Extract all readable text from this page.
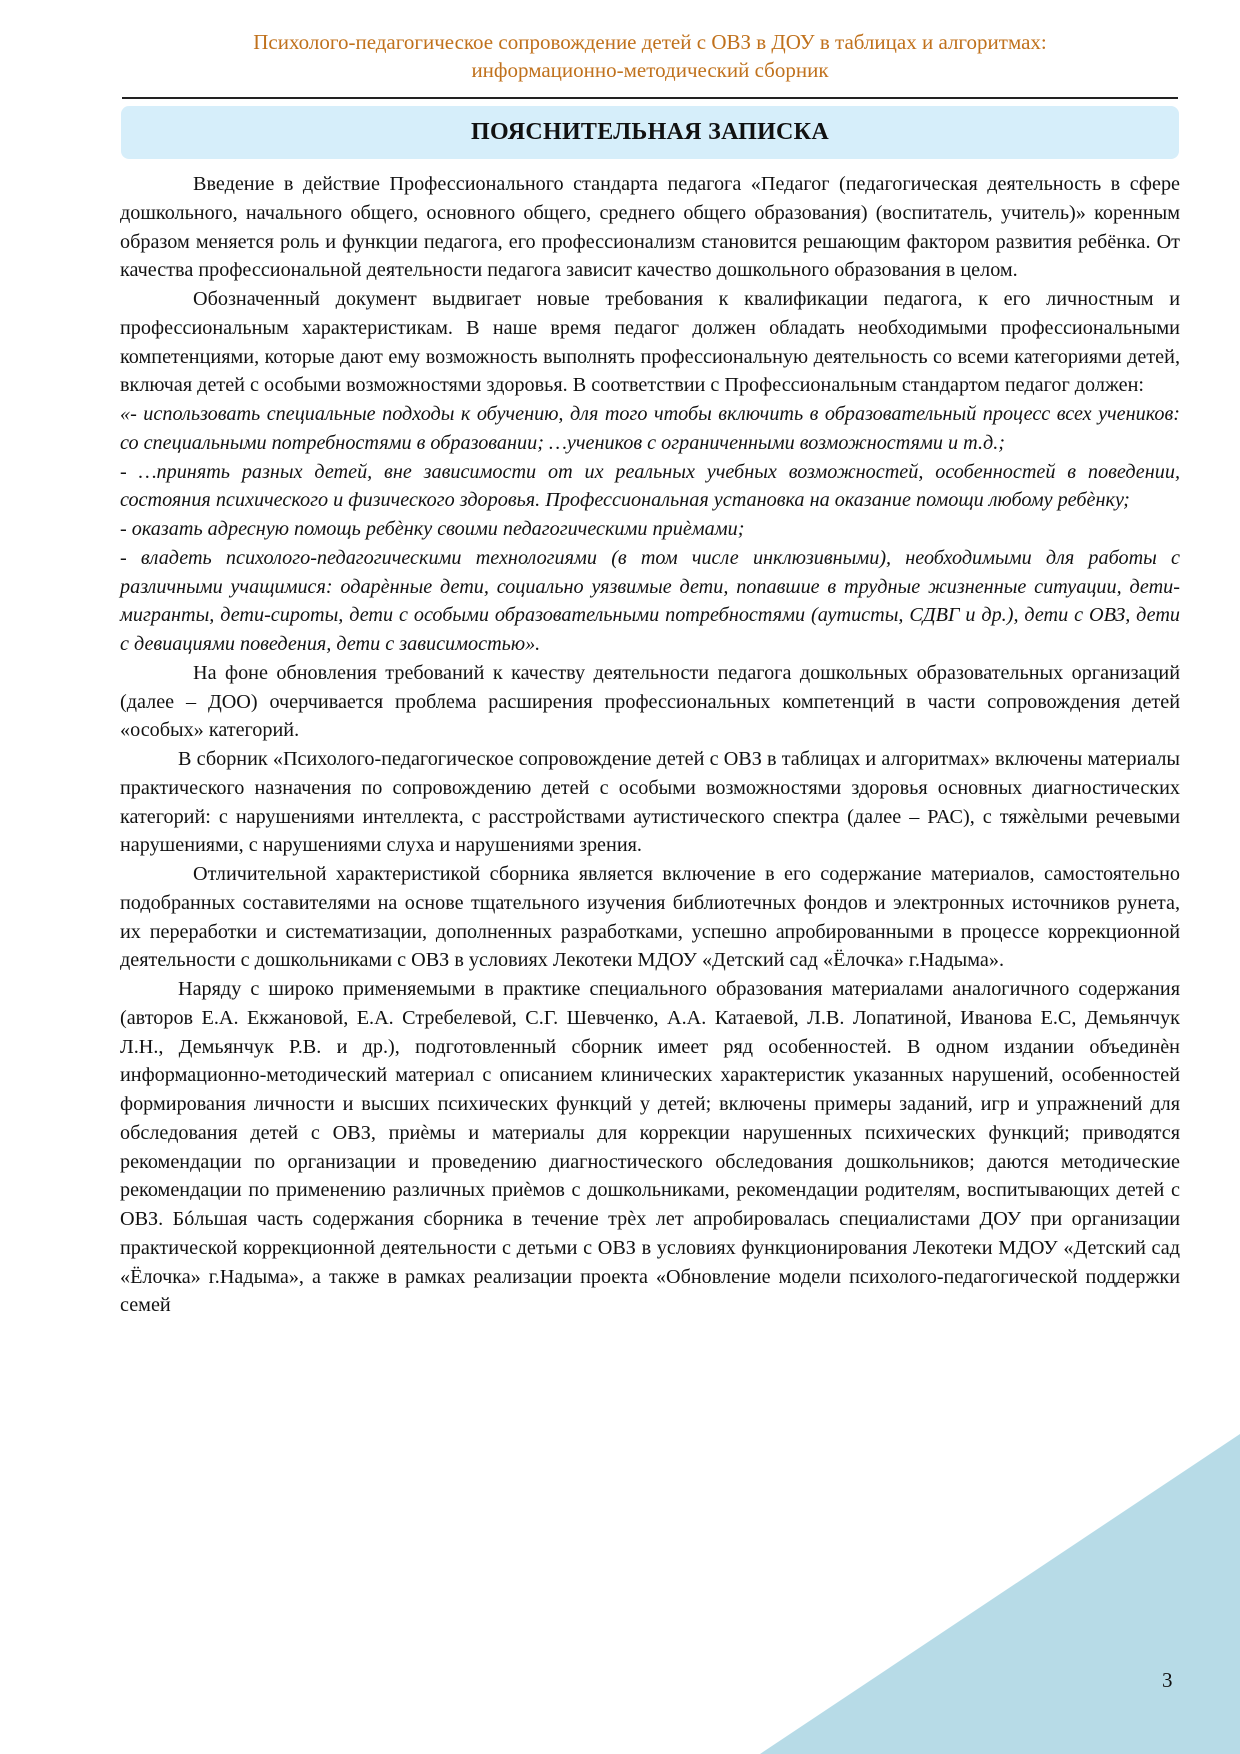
Психолого-педагогическое сопровождение детей с ОВЗ в ДОУ в таблицах и алгоритмах:
информационно-методический сборник
ПОЯСНИТЕЛЬНАЯ ЗАПИСКА

Введение в действие Профессионального стандарта педагога «Педагог (педагогическая деятельность в сфере дошкольного, начального общего, основного общего, среднего общего образования) (воспитатель, учитель)» коренным образом меняется роль и функции педагога, его профессионализм становится решающим фактором развития ребёнка. От качества профессиональной деятельности педагога зависит качество дошкольного образования в целом.

Обозначенный документ выдвигает новые требования к квалификации педагога, к его личностным и профессиональным характеристикам. В наше время педагог должен обладать необходимыми профессиональными компетенциями, которые дают ему возможность выполнять профессиональную деятельность со всеми категориями детей, включая детей с особыми возможностями здоровья. В соответствии с Профессиональным стандартом педагог должен:

«- использовать специальные подходы к обучению, для того чтобы включить в образовательный процесс всех учеников: со специальными потребностями в образовании; …учеников с ограниченными возможностями и т.д.;

- …принять разных детей, вне зависимости от их реальных учебных возможностей, особенностей в поведении, состояния психического и физического здоровья. Профессиональная установка на оказание помощи любому ребѐнку;

- оказать адресную помощь ребѐнку своими педагогическими приѐмами;

- владеть психолого-педагогическими технологиями (в том числе инклюзивными), необходимыми для работы с различными учащимися: одарѐнные дети, социально уязвимые дети, попавшие в трудные жизненные ситуации, дети-мигранты, дети-сироты, дети с особыми образовательными потребностями (аутисты, СДВГ и др.), дети с ОВЗ, дети с девиациями поведения, дети с зависимостью».

На фоне обновления требований к качеству деятельности педагога дошкольных образовательных организаций (далее – ДОО) очерчивается проблема расширения профессиональных компетенций в части сопровождения детей «особых» категорий.

В сборник «Психолого-педагогическое сопровождение детей с ОВЗ в таблицах и алгоритмах» включены материалы практического назначения по сопровождению детей с особыми возможностями здоровья основных диагностических категорий: с нарушениями интеллекта, с расстройствами аутистического спектра (далее – РАС), с тяжѐлыми речевыми нарушениями, с нарушениями слуха и нарушениями зрения.

Отличительной характеристикой сборника является включение в его содержание материалов, самостоятельно подобранных составителями на основе тщательного изучения библиотечных фондов и электронных источников рунета, их переработки и систематизации, дополненных разработками, успешно апробированными в процессе коррекционной деятельности с дошкольниками с ОВЗ в условиях Лекотеки МДОУ «Детский сад «Ёлочка» г.Надыма».

Наряду с широко применяемыми в практике специального образования материалами аналогичного содержания (авторов Е.А. Екжановой, Е.А. Стребелевой, С.Г. Шевченко, А.А. Катаевой, Л.В. Лопатиной, Иванова Е.С, Демьянчук Л.Н., Демьянчук Р.В. и др.), подготовленный сборник имеет ряд особенностей. В одном издании объединѐн информационно-методический материал с описанием клинических характеристик указанных нарушений, особенностей формирования личности и высших психических функций у детей; включены примеры заданий, игр и упражнений для обследования детей с ОВЗ, приѐмы и материалы для коррекции нарушенных психических функций; приводятся рекомендации по организации и проведению диагностического обследования дошкольников; даются методические рекомендации по применению различных приѐмов с дошкольниками, рекомендации родителям, воспитывающих детей с ОВЗ. Бóльшая часть содержания сборника в течение трѐх лет апробировалась специалистами ДОУ при организации практической коррекционной деятельности с детьми с ОВЗ в условиях функционирования Лекотеки МДОУ «Детский сад «Ёлочка» г.Надыма», а также в рамках реализации проекта «Обновление модели психолого-педагогической поддержки семей

3
